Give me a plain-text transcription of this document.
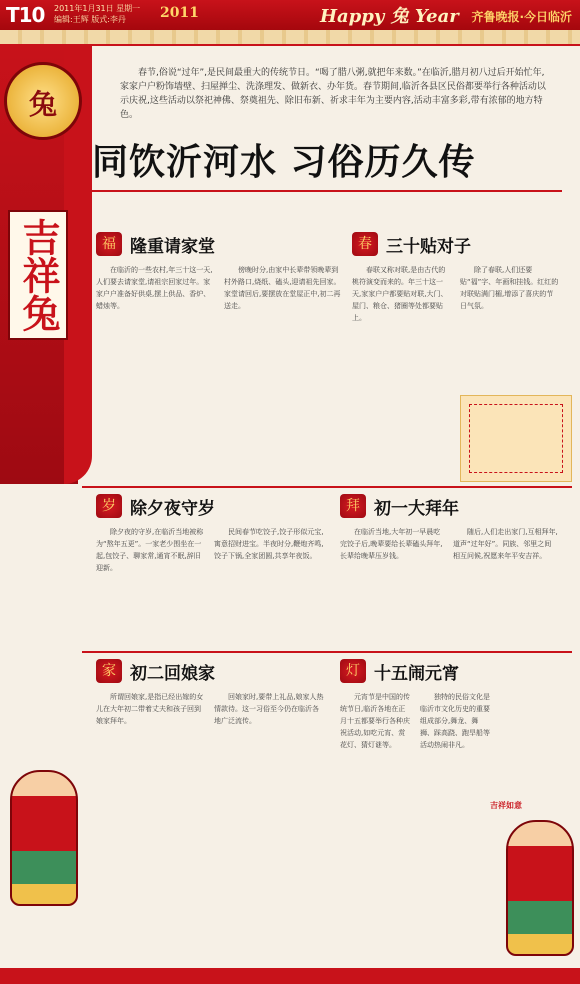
T10 2011年1月31日 星期一
编辑:王辉 版式:李丹	2011	Happy 兔 Year 齐鲁晚报·今日临沂
兔
吉祥兔
春节,俗说“过年”,是民间最重大的传统节日。“喝了腊八粥,就把年来数。”在临沂,腊月初八过后开始忙年,家家户户粉饰墙壁、扫屋掸尘、洗涤理发、做新衣、办年货。春节期间,临沂各县区民俗都要举行各种活动以示庆祝,这些活动以祭祀神佛、祭奠祖先、除旧布新、祈求丰年为主要内容,活动丰富多彩,带有浓郁的地方特色。
同饮沂河水 习俗历久传
福 隆重请家堂
在临沂的一些农村,年三十这一天,人们要去请家堂,请祖宗回家过年。家家户户准备好供桌,摆上供品、香炉、蜡烛等。
傍晚时分,由家中长辈带领晚辈到村外路口,烧纸、磕头,迎请祖先回家。家堂请回后,要摆放在堂屋正中,初二再送走。
春 三十贴对子
春联又称对联,是由古代的桃符演变而来的。年三十这一天,家家户户都要贴对联,大门、屋门、粮仓、猪圈等处都要贴上。
除了春联,人们还要贴“福”字、年画和挂钱。红红的对联贴满门楣,增添了喜庆的节日气氛。
岁 除夕夜守岁
除夕夜的守岁,在临沂当地被称为“熬年五更”。一家老少围坐在一起,包饺子、聊家常,通宵不眠,辞旧迎新。
民间春节吃饺子,饺子形似元宝,寓意招财进宝。半夜时分,鞭炮齐鸣,饺子下锅,全家团圆,共享年夜饭。
拜 初一大拜年
在临沂当地,大年初一早晨吃完饺子后,晚辈要给长辈磕头拜年,长辈给晚辈压岁钱。
随后,人们走出家门,互相拜年,道声“过年好”。同族、邻里之间相互问候,祝愿来年平安吉祥。
家 初二回娘家
所谓回娘家,是指已经出嫁的女儿在大年初二带着丈夫和孩子回到娘家拜年。
回娘家时,要带上礼品,娘家人热情款待。这一习俗至今仍在临沂各地广泛流传。
灯 十五闹元宵
元宵节是中国的传统节日,临沂各地在正月十五都要举行各种庆祝活动,如吃元宵、赏花灯、猜灯谜等。
独特的民俗文化是临沂市文化历史的重要组成部分,舞龙、舞狮、踩高跷、跑旱船等活动热闹非凡。
吉祥如意
